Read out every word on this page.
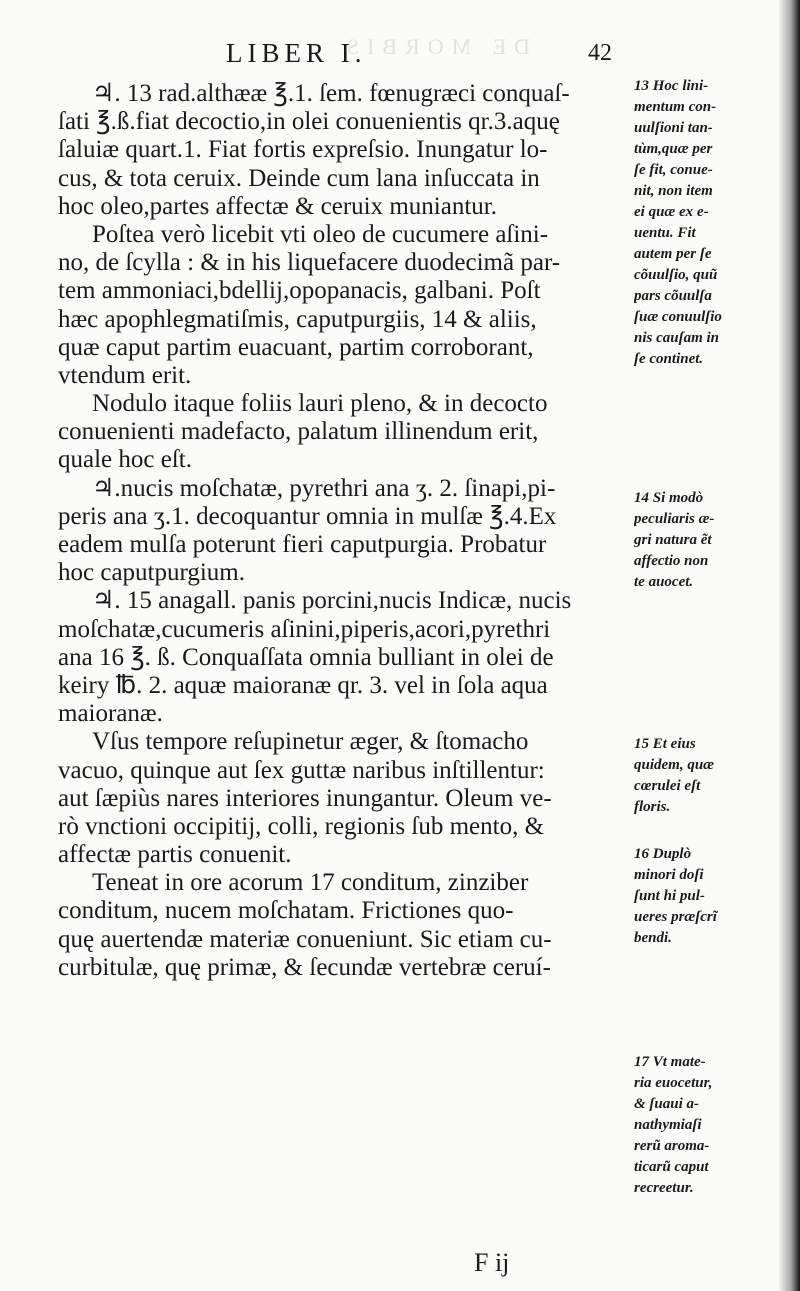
DE MORBIS
LIBER I.	42
♃. 13 rad.althææ ℥.1. ſem. fœnugræci conquaſ-
ſati ℥.ß.fiat decoctio,in olei conuenientis qr.3.aquę
ſaluiæ quart.1. Fiat fortis expreſsio. Inungatur lo-
cus, & tota ceruix. Deinde cum lana inſuccata in
hoc oleo,partes affectæ & ceruix muniantur.
Poſtea verò licebit vti oleo de cucumere aſini-
no, de ſcylla : & in his liquefacere duodecimã par-
tem ammoniaci,bdellij,opopanacis, galbani. Poſt
hæc apophlegmatiſmis, caputpurgiis, 14 & aliis,
quæ caput partim euacuant, partim corroborant,
vtendum erit.
Nodulo itaque foliis lauri pleno, & in decocto
conuenienti madefacto, palatum illinendum erit,
quale hoc eſt.
♃.nucis moſchatæ, pyrethri ana ʒ. 2. ſinapi,pi-
peris ana ʒ.1. decoquantur omnia in mulſæ ℥.4.Ex
eadem mulſa poterunt fieri caputpurgia. Probatur
hoc caputpurgium.
♃. 15 anagall. panis porcini,nucis Indicæ, nucis
moſchatæ,cucumeris aſinini,piperis,acori,pyrethri
ana 16 ℥. ß. Conquaſſata omnia bulliant in olei de
keiry ℔. 2. aquæ maioranæ qr. 3. vel in ſola aqua
maioranæ.
Vſus tempore reſupinetur æger, & ſtomacho
vacuo, quinque aut ſex guttæ naribus inſtillentur:
aut ſæpiùs nares interiores inungantur. Oleum ve-
rò vnctioni occipitij, colli, regionis ſub mento, &
affectæ partis conuenit.
Teneat in ore acorum 17 conditum, zinziber
conditum, nucem moſchatam. Frictiones quo-
quę auertendæ materiæ conueniunt. Sic etiam cu-
curbitulæ, quę primæ, & ſecundæ vertebræ ceruí-
13 Hoc lini-
mentum con-
uulſioni tan-
tùm,quæ per
ſe fit, conue-
nit, non item
ei quæ ex e-
uentu. Fit
autem per ſe
cõuulſio, quũ
pars cõuulſa
ſuæ conuulſio
nis cauſam in
ſe continet.
14 Si modò
peculiaris æ-
gri natura ẽt
affectio non
te auocet.
15 Et eius
quidem, quæ
cœrulei eſt
floris.
16 Duplò
minori doſi
ſunt hi pul-
ueres præſcrĩ
bendi.
17 Vt mate-
ria euocetur,
& ſuaui a-
nathymiaſi
rerũ aroma-
ticarũ caput
recreetur.
F ij
